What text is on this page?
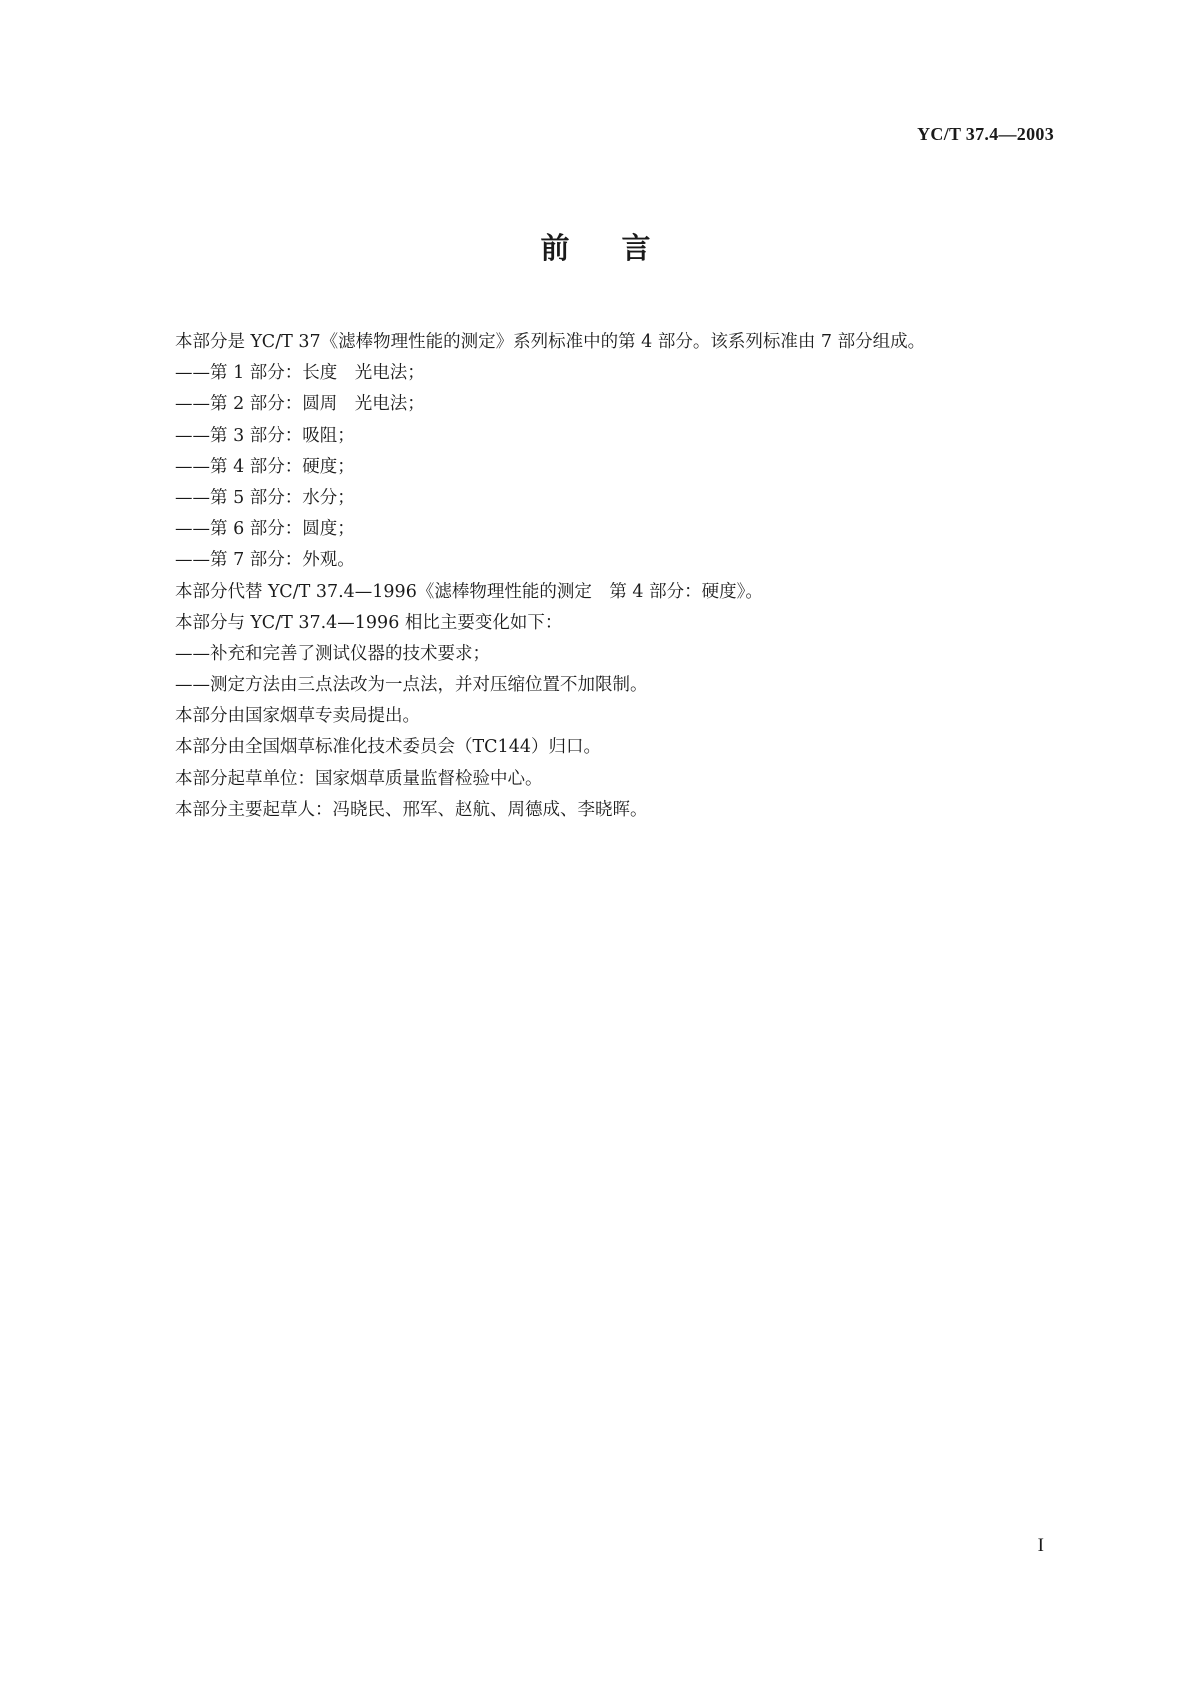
YC/T 37.4—2003
前 言
本部分是 YC/T 37《滤棒物理性能的测定》系列标准中的第 4 部分。该系列标准由 7 部分组成。
——第 1 部分：长度　光电法；
——第 2 部分：圆周　光电法；
——第 3 部分：吸阻；
——第 4 部分：硬度；
——第 5 部分：水分；
——第 6 部分：圆度；
——第 7 部分：外观。
本部分代替 YC/T 37.4—1996《滤棒物理性能的测定　第 4 部分：硬度》。
本部分与 YC/T 37.4—1996 相比主要变化如下：
——补充和完善了测试仪器的技术要求；
——测定方法由三点法改为一点法，并对压缩位置不加限制。
本部分由国家烟草专卖局提出。
本部分由全国烟草标准化技术委员会（TC144）归口。
本部分起草单位：国家烟草质量监督检验中心。
本部分主要起草人：冯晓民、邢军、赵航、周德成、李晓晖。
I
